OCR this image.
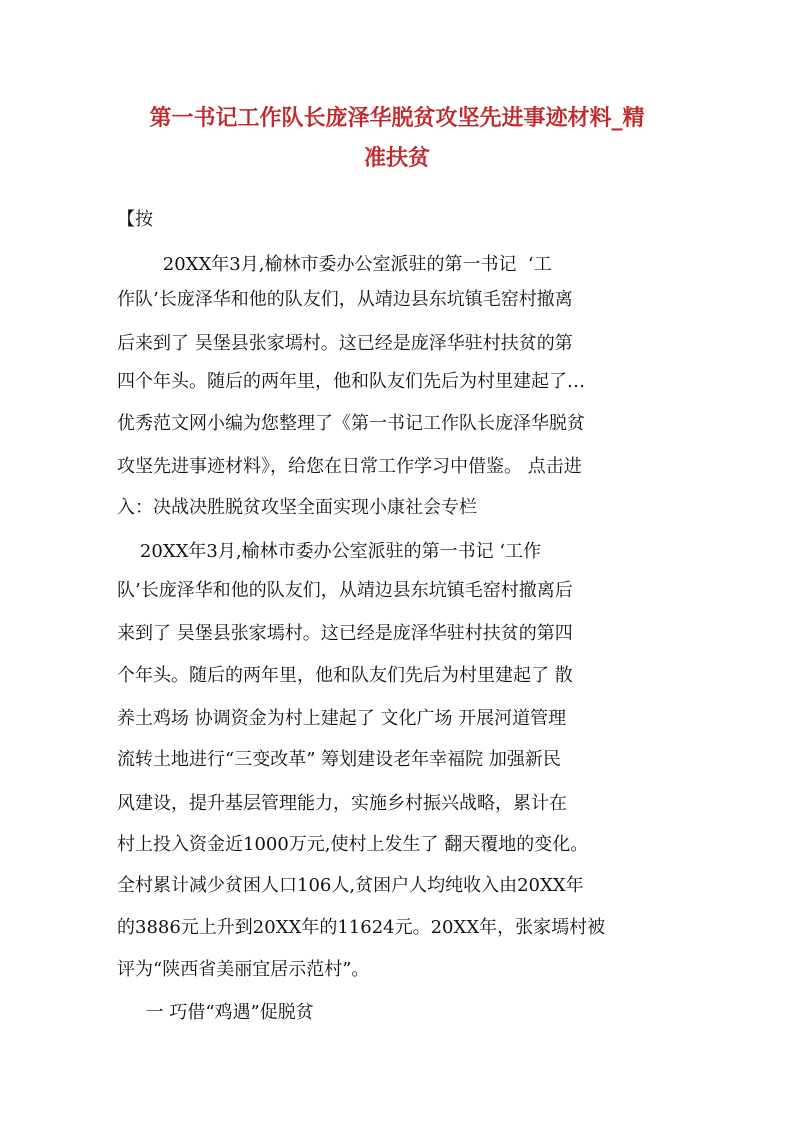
第一书记工作队长庞泽华脱贫攻坚先进事迹材料_精
准扶贫
【按
20XX年3月,榆林市委办公室派驻的第一书记  ‘工
作队’长庞泽华和他的队友们，从靖边县东坑镇毛窑村撤离
后来到了 吴堡县张家墕村。这已经是庞泽华驻村扶贫的第
四个年头。随后的两年里，他和队友们先后为村里建起了…
优秀范文网小编为您整理了《第一书记工作队长庞泽华脱贫
攻坚先进事迹材料》，给您在日常工作学习中借鉴。 点击进
入：决战决胜脱贫攻坚全面实现小康社会专栏
20XX年3月,榆林市委办公室派驻的第一书记 ‘工作
队’长庞泽华和他的队友们，从靖边县东坑镇毛窑村撤离后
来到了 吴堡县张家墕村。这已经是庞泽华驻村扶贫的第四
个年头。随后的两年里，他和队友们先后为村里建起了 散
养土鸡场 协调资金为村上建起了 文化广场 开展河道管理
流转土地进行“三变改革” 筹划建设老年幸福院 加强新民
风建设，提升基层管理能力，实施乡村振兴战略，累计在
村上投入资金近1000万元,使村上发生了 翻天覆地的变化。
全村累计减少贫困人口106人,贫困户人均纯收入由20XX年
的3886元上升到20XX年的11624元。20XX年，张家墕村被
评为“陕西省美丽宜居示范村”。
一 巧借“鸡遇”促脱贫
